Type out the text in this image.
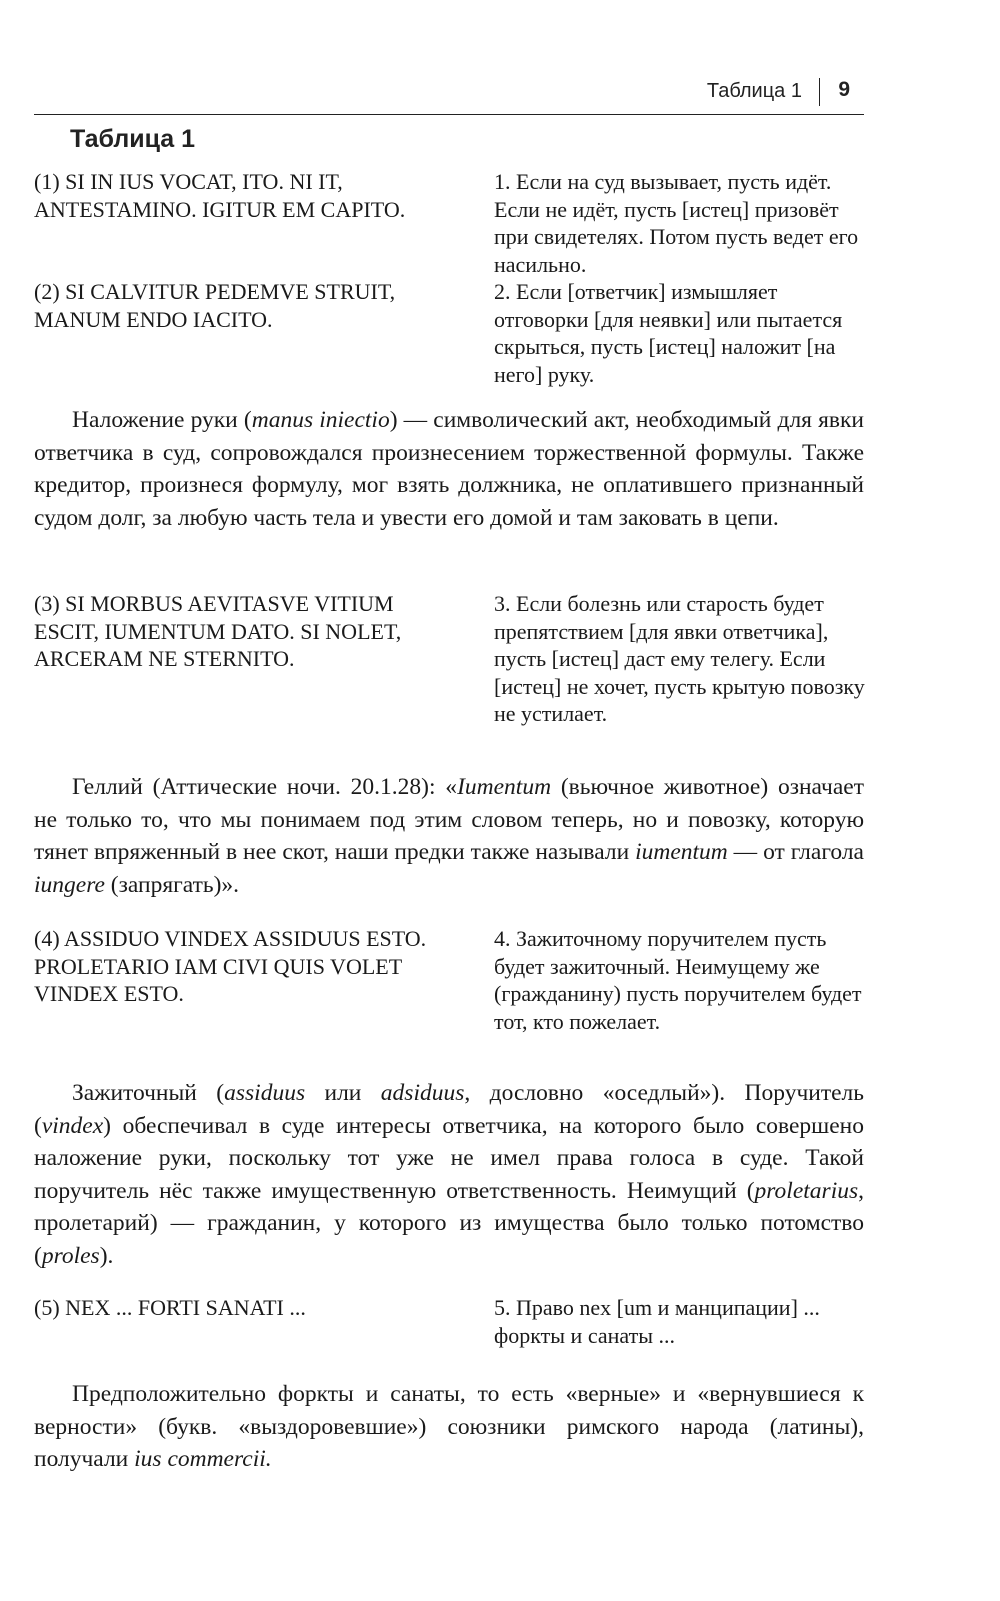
Таблица 1 9
Таблица 1

(1) SI IN IUS VOCAT, ITO. NI IT, ANTESTAMINO. IGITUR EM CAPITO.

1. Если на суд вызывает, пусть идёт. Если не идёт, пусть [истец] призовёт при свидетелях. Потом пусть ведет его насильно.

(2) SI CALVITUR PEDEMVE STRUIT, MANUM ENDO IACITO.

2. Если [ответчик] измышляет отговорки [для неявки] или пытается скрыться, пусть [истец] наложит [на него] руку.

Наложение руки (manus iniectio) — символический акт, необходимый для явки ответчика в суд, сопровождался произнесением торжественной формулы. Также кредитор, произнеся формулу, мог взять должника, не оплатившего признанный судом долг, за любую часть тела и увести его домой и там заковать в цепи.

(3) SI MORBUS AEVITASVE VITIUM ESCIT, IUMENTUM DATO. SI NOLET, ARCERAM NE STERNITO.

3. Если болезнь или старость будет препятствием [для явки ответчика], пусть [истец] даст ему телегу. Если [истец] не хочет, пусть крытую повозку не устилает.

Геллий (Аттические ночи. 20.1.28): «Iumentum (вьючное животное) означает не только то, что мы понимаем под этим словом теперь, но и повозку, которую тянет впряженный в нее скот, наши предки также называли iumentum — от глагола iungere (запрягать)».

(4) ASSIDUO VINDEX ASSIDUUS ESTO. PROLETARIO IAM CIVI QUIS VOLET VINDEX ESTO.

4. Зажиточному поручителем пусть будет зажиточный. Неимущему же (гражданину) пусть поручителем будет тот, кто пожелает.

Зажиточный (assiduus или adsiduus, дословно «оседлый»). Поручитель (vindex) обеспечивал в суде интересы ответчика, на которого было совершено наложение руки, поскольку тот уже не имел права голоса в суде. Такой поручитель нёс также имущественную ответственность. Неимущий (proletarius, пролетарий) — гражданин, у которого из имущества было только потомство (proles).

(5) NEX ... FORTI SANATI ...	5. Право nex [um и манципации] ... форкты и санаты ...

Предположительно форкты и санаты, то есть «верные» и «вернувшиеся к верности» (букв. «выздоровевшие») союзники римского народа (латины), получали ius commercii.
